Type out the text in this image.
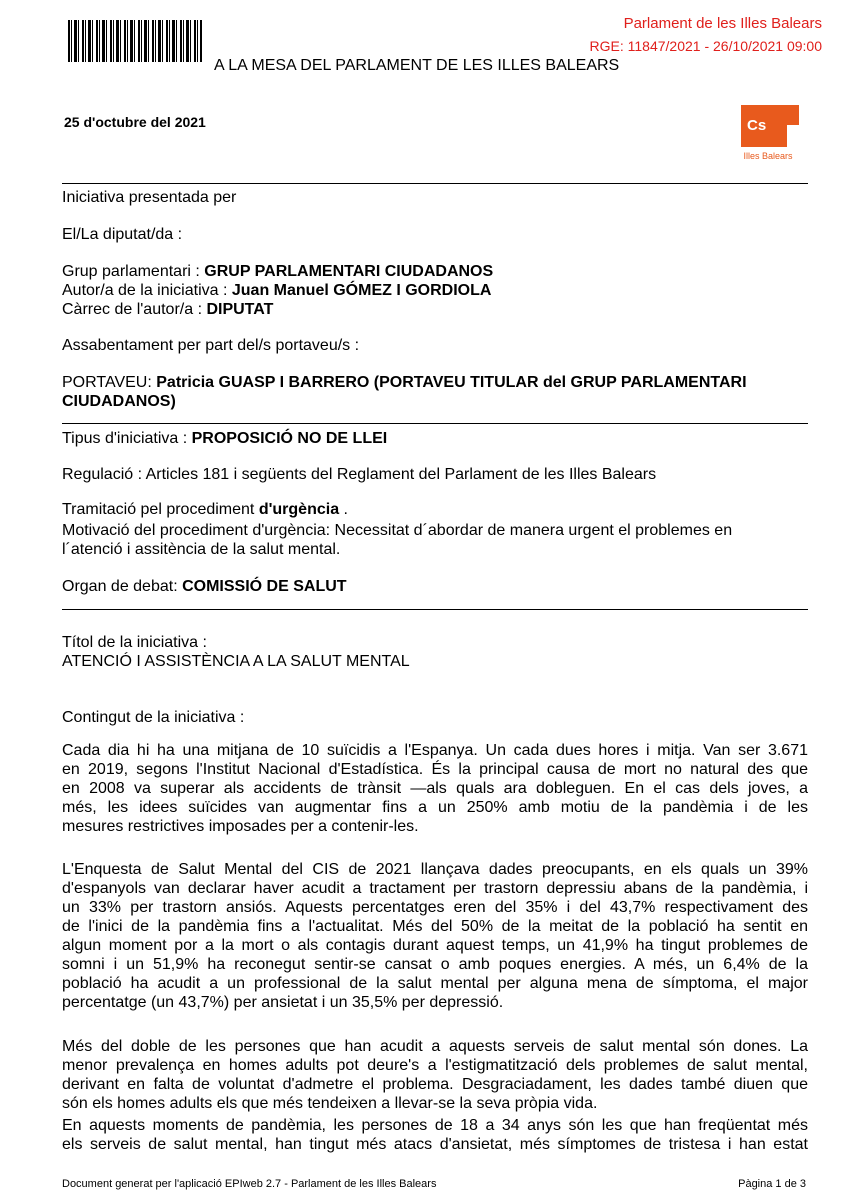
Parlament de les Illes Balears
RGE: 11847/2021 - 26/10/2021 09:00
A LA MESA DEL PARLAMENT DE LES ILLES BALEARS
25 d'octubre del 2021	Cs
Illes Balears
Iniciativa presentada per
El/La diputat/da :
Grup parlamentari : GRUP PARLAMENTARI CIUDADANOS
Autor/a de la iniciativa : Juan Manuel GÓMEZ I GORDIOLA
Càrrec de l'autor/a : DIPUTAT
Assabentament per part del/s portaveu/s :
PORTAVEU: Patricia GUASP I BARRERO (PORTAVEU TITULAR del GRUP PARLAMENTARI
CIUDADANOS)
Tipus d'iniciativa : PROPOSICIÓ NO DE LLEI
Regulació : Articles 181 i següents del Reglament del Parlament de les Illes Balears
Tramitació pel procediment d'urgència .
Motivació del procediment d'urgència: Necessitat d´abordar de manera urgent el problemes en
l´atenció i assitència de la salut mental.
Organ de debat: COMISSIÓ DE SALUT
Títol de la iniciativa :
ATENCIÓ I ASSISTÈNCIA A LA SALUT MENTAL
Contingut de la iniciativa :

Cada dia hi ha una mitjana de 10 suïcidis a l'Espanya. Un cada dues hores i mitja. Van ser 3.671

en 2019, segons l'Institut Nacional d'Estadística. És la principal causa de mort no natural des que

en 2008 va superar als accidents de trànsit —als quals ara dobleguen. En el cas dels joves, a

més, les idees suïcides van augmentar fins a un 250% amb motiu de la pandèmia i de les

mesures restrictives imposades per a contenir-les.

L'Enquesta de Salut Mental del CIS de 2021 llançava dades preocupants, en els quals un 39%

d'espanyols van declarar haver acudit a tractament per trastorn depressiu abans de la pandèmia, i

un 33% per trastorn ansiós. Aquests percentatges eren del 35% i del 43,7% respectivament des

de l'inici de la pandèmia fins a l'actualitat. Més del 50% de la meitat de la població ha sentit en

algun moment por a la mort o als contagis durant aquest temps, un 41,9% ha tingut problemes de

somni i un 51,9% ha reconegut sentir-se cansat o amb poques energies. A més, un 6,4% de la

població ha acudit a un professional de la salut mental per alguna mena de símptoma, el major

percentatge (un 43,7%) per ansietat i un 35,5% per depressió.

Més del doble de les persones que han acudit a aquests serveis de salut mental són dones. La

menor prevalença en homes adults pot deure's a l'estigmatització dels problemes de salut mental,

derivant en falta de voluntat d'admetre el problema. Desgraciadament, les dades també diuen que

són els homes adults els que més tendeixen a llevar-se la seva pròpia vida.

En aquests moments de pandèmia, les persones de 18 a 34 anys són les que han freqüentat més

els serveis de salut mental, han tingut més atacs d'ansietat, més símptomes de tristesa i han estat

Document generat per l'aplicació EPIweb 2.7 - Parlament de les Illes Balears	Pàgina 1 de 3
